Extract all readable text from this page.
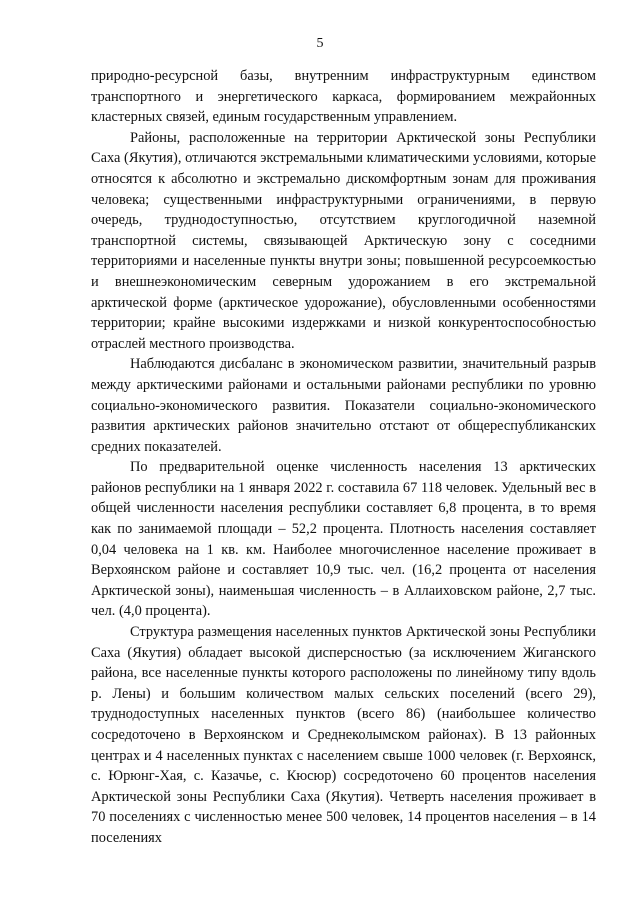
5

природно-ресурсной базы, внутренним инфраструктурным единством транспортного и энергетического каркаса, формированием межрайонных кластерных связей, единым государственным управлением.

Районы, расположенные на территории Арктической зоны Республики Саха (Якутия), отличаются экстремальными климатическими условиями, которые относятся к абсолютно и экстремально дискомфортным зонам для проживания человека; существенными инфраструктурными ограничениями, в первую очередь, труднодоступностью, отсутствием круглогодичной наземной транспортной системы, связывающей Арктическую зону с соседними территориями и населенные пункты внутри зоны; повышенной ресурсоемкостью и внешнеэкономическим северным удорожанием в его экстремальной арктической форме (арктическое удорожание), обусловленными особенностями территории; крайне высокими издержками и низкой конкурентоспособностью отраслей местного производства.

Наблюдаются дисбаланс в экономическом развитии, значительный разрыв между арктическими районами и остальными районами республики по уровню социально-экономического развития. Показатели социально-экономического развития арктических районов значительно отстают от общереспубликанских средних показателей.

По предварительной оценке численность населения 13 арктических районов республики на 1 января 2022 г. составила 67 118 человек. Удельный вес в общей численности населения республики составляет 6,8 процента, в то время как по занимаемой площади – 52,2 процента. Плотность населения составляет 0,04 человека на 1 кв. км. Наиболее многочисленное население проживает в Верхоянском районе и составляет 10,9 тыс. чел. (16,2 процента от населения Арктической зоны), наименьшая численность – в Аллаиховском районе, 2,7 тыс. чел. (4,0 процента).

Структура размещения населенных пунктов Арктической зоны Республики Саха (Якутия) обладает высокой дисперсностью (за исключением Жиганского района, все населенные пункты которого расположены по линейному типу вдоль р. Лены) и большим количеством малых сельских поселений (всего 29), труднодоступных населенных пунктов (всего 86) (наибольшее количество сосредоточено в Верхоянском и Среднеколымском районах). В 13 районных центрах и 4 населенных пунктах с населением свыше 1000 человек (г. Верхоянск, с. Юрюнг-Хая, с. Казачье, с. Кюсюр) сосредоточено 60 процентов населения Арктической зоны Республики Саха (Якутия). Четверть населения проживает в 70 поселениях с численностью менее 500 человек, 14 процентов населения – в 14 поселениях
